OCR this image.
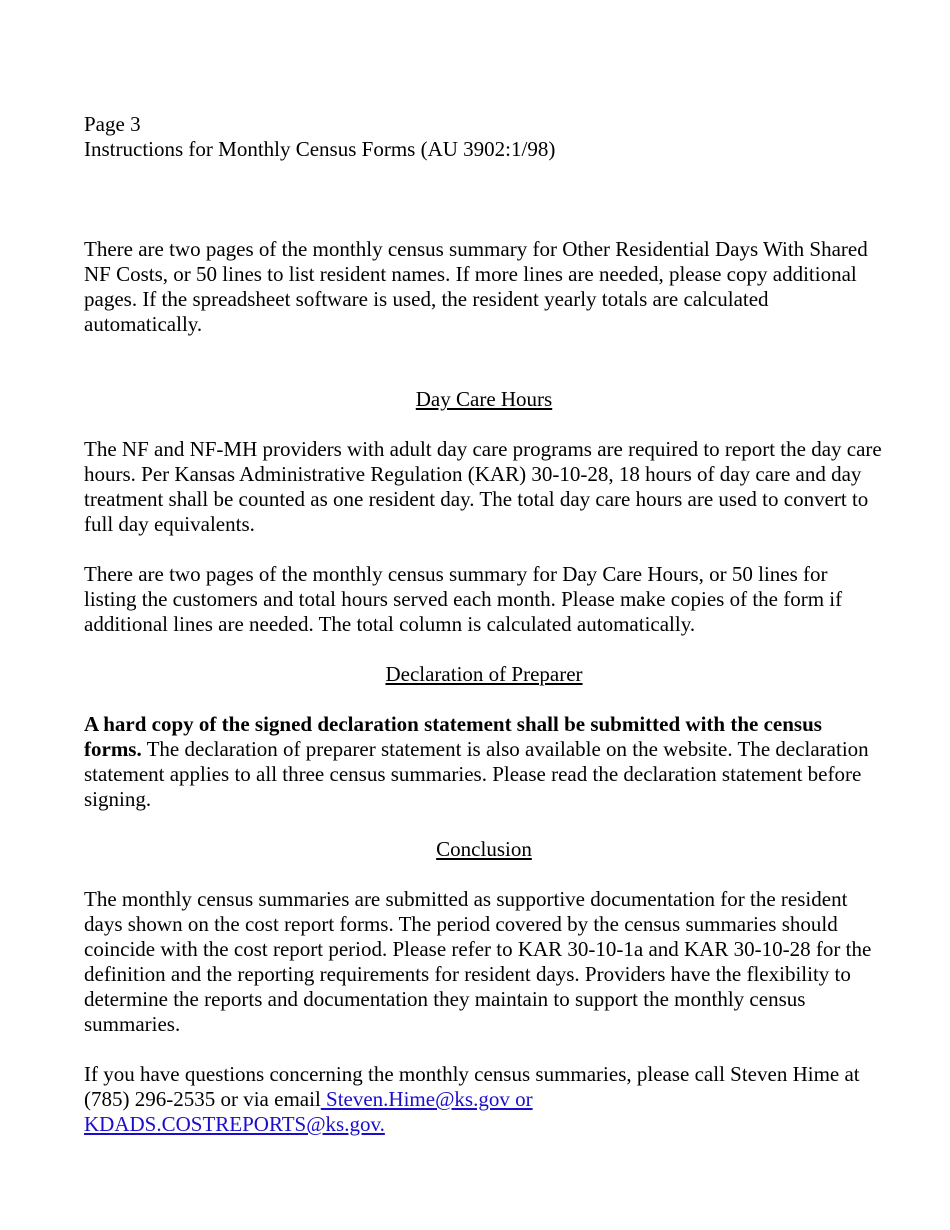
Page 3
Instructions for Monthly Census Forms (AU 3902:1/98)

There are two pages of the monthly census summary for Other Residential Days With Shared NF Costs, or 50 lines to list resident names. If more lines are needed, please copy additional pages. If the spreadsheet software is used, the resident yearly totals are calculated automatically.

Day Care Hours

The NF and NF-MH providers with adult day care programs are required to report the day care hours. Per Kansas Administrative Regulation (KAR) 30-10-28, 18 hours of day care and day treatment shall be counted as one resident day. The total day care hours are used to convert to full day equivalents.

There are two pages of the monthly census summary for Day Care Hours, or 50 lines for listing the customers and total hours served each month. Please make copies of the form if additional lines are needed. The total column is calculated automatically.

Declaration of Preparer

A hard copy of the signed declaration statement shall be submitted with the census forms. The declaration of preparer statement is also available on the website. The declaration statement applies to all three census summaries. Please read the declaration statement before signing.

Conclusion

The monthly census summaries are submitted as supportive documentation for the resident days shown on the cost report forms. The period covered by the census summaries should coincide with the cost report period. Please refer to KAR 30-10-1a and KAR 30-10-28 for the definition and the reporting requirements for resident days. Providers have the flexibility to determine the reports and documentation they maintain to support the monthly census summaries.

If you have questions concerning the monthly census summaries, please call Steven Hime at (785) 296-2535 or via email Steven.Hime@ks.gov or
KDADS.COSTREPORTS@ks.gov.
